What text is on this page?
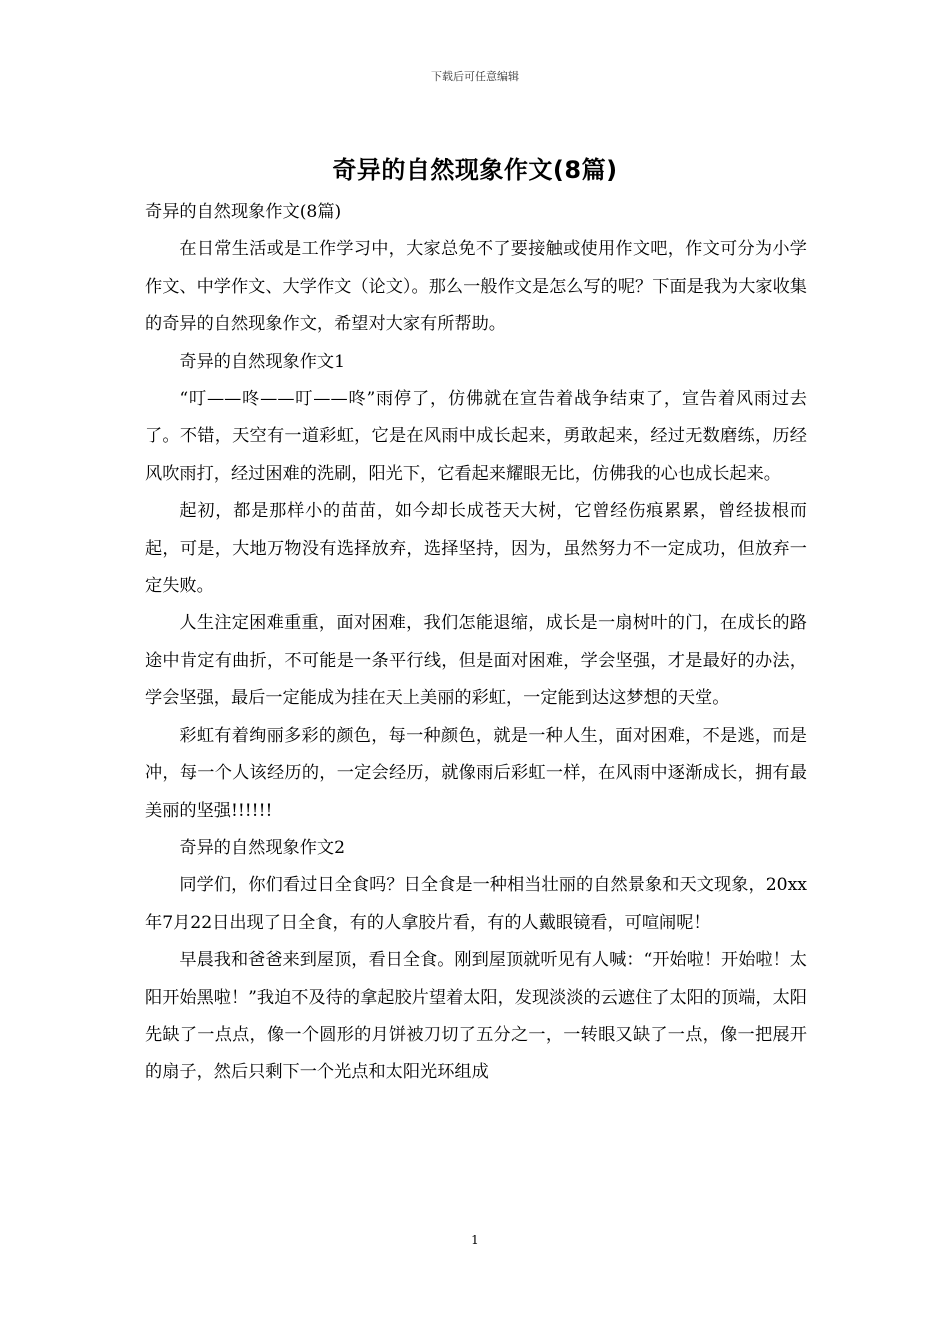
下载后可任意编辑
奇异的自然现象作文(8篇)

奇异的自然现象作文(8篇)

在日常生活或是工作学习中，大家总免不了要接触或使用作文吧，作文可分为小学作文、中学作文、大学作文（论文）。那么一般作文是怎么写的呢？下面是我为大家收集的奇异的自然现象作文，希望对大家有所帮助。

奇异的自然现象作文1

“叮——咚——叮——咚”雨停了，仿佛就在宣告着战争结束了，宣告着风雨过去了。不错，天空有一道彩虹，它是在风雨中成长起来，勇敢起来，经过无数磨练，历经风吹雨打，经过困难的洗刷，阳光下，它看起来耀眼无比，仿佛我的心也成长起来。

起初，都是那样小的苗苗，如今却长成苍天大树，它曾经伤痕累累，曾经拔根而起，可是，大地万物没有选择放弃，选择坚持，因为，虽然努力不一定成功，但放弃一定失败。

人生注定困难重重，面对困难，我们怎能退缩，成长是一扇树叶的门，在成长的路途中肯定有曲折，不可能是一条平行线，但是面对困难，学会坚强，才是最好的办法，学会坚强，最后一定能成为挂在天上美丽的彩虹，一定能到达这梦想的天堂。

彩虹有着绚丽多彩的颜色，每一种颜色，就是一种人生，面对困难，不是逃，而是冲，每一个人该经历的，一定会经历，就像雨后彩虹一样，在风雨中逐渐成长，拥有最美丽的坚强!!!!!!

奇异的自然现象作文2

同学们，你们看过日全食吗？日全食是一种相当壮丽的自然景象和天文现象，20xx年7月22日出现了日全食，有的人拿胶片看，有的人戴眼镜看，可喧闹呢！

早晨我和爸爸来到屋顶，看日全食。刚到屋顶就听见有人喊：“开始啦！开始啦！太阳开始黑啦！”我迫不及待的拿起胶片望着太阳，发现淡淡的云遮住了太阳的顶端，太阳先缺了一点点，像一个圆形的月饼被刀切了五分之一，一转眼又缺了一点，像一把展开的扇子，然后只剩下一个光点和太阳光环组成

1
